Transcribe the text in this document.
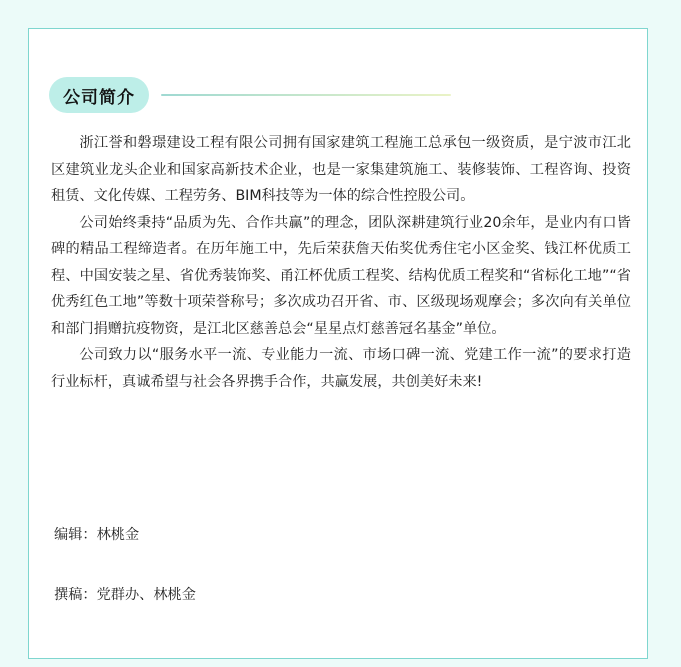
公司简介

浙江誉和磐璟建设工程有限公司拥有国家建筑工程施工总承包一级资质，是宁波市江北区建筑业龙头企业和国家高新技术企业，也是一家集建筑施工、装修装饰、工程咨询、投资租赁、文化传媒、工程劳务、BIM科技等为一体的综合性控股公司。

公司始终秉持“品质为先、合作共赢”的理念，团队深耕建筑行业20余年，是业内有口皆碑的精品工程缔造者。在历年施工中，先后荣获詹天佑奖优秀住宅小区金奖、钱江杯优质工程、中国安装之星、省优秀装饰奖、甬江杯优质工程奖、结构优质工程奖和“省标化工地”“省优秀红色工地”等数十项荣誉称号；多次成功召开省、市、区级现场观摩会；多次向有关单位和部门捐赠抗疫物资，是江北区慈善总会“星星点灯慈善冠名基金”单位。

公司致力以“服务水平一流、专业能力一流、市场口碑一流、党建工作一流”的要求打造行业标杆，真诚希望与社会各界携手合作，共赢发展，共创美好未来!

编辑：林桃金
撰稿：党群办、林桃金
